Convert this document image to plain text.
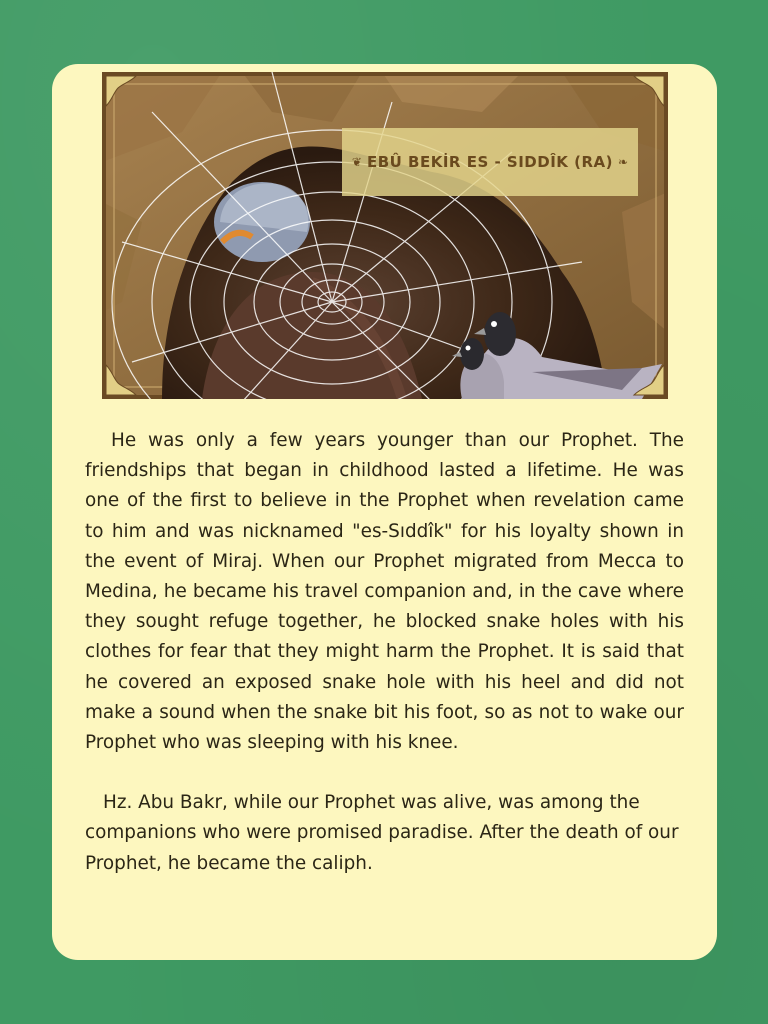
❦ EBÛ BEKİR ES - SIDDÎK (RA) ❧

He was only a few years younger than our Prophet. The friendships that began in childhood lasted a lifetime. He was one of the first to believe in the Prophet when revelation came to him and was nicknamed "es-Sıddîk" for his loyalty shown in the event of Miraj. When our Prophet migrated from Mecca to Medina, he became his travel companion and, in the cave where they sought refuge together, he blocked snake holes with his clothes for fear that they might harm the Prophet. It is said that he covered an exposed snake hole with his heel and did not make a sound when the snake bit his foot, so as not to wake our Prophet who was sleeping with his knee.

Hz. Abu Bakr, while our Prophet was alive, was among the companions who were promised paradise. After the death of our Prophet, he became the caliph.
